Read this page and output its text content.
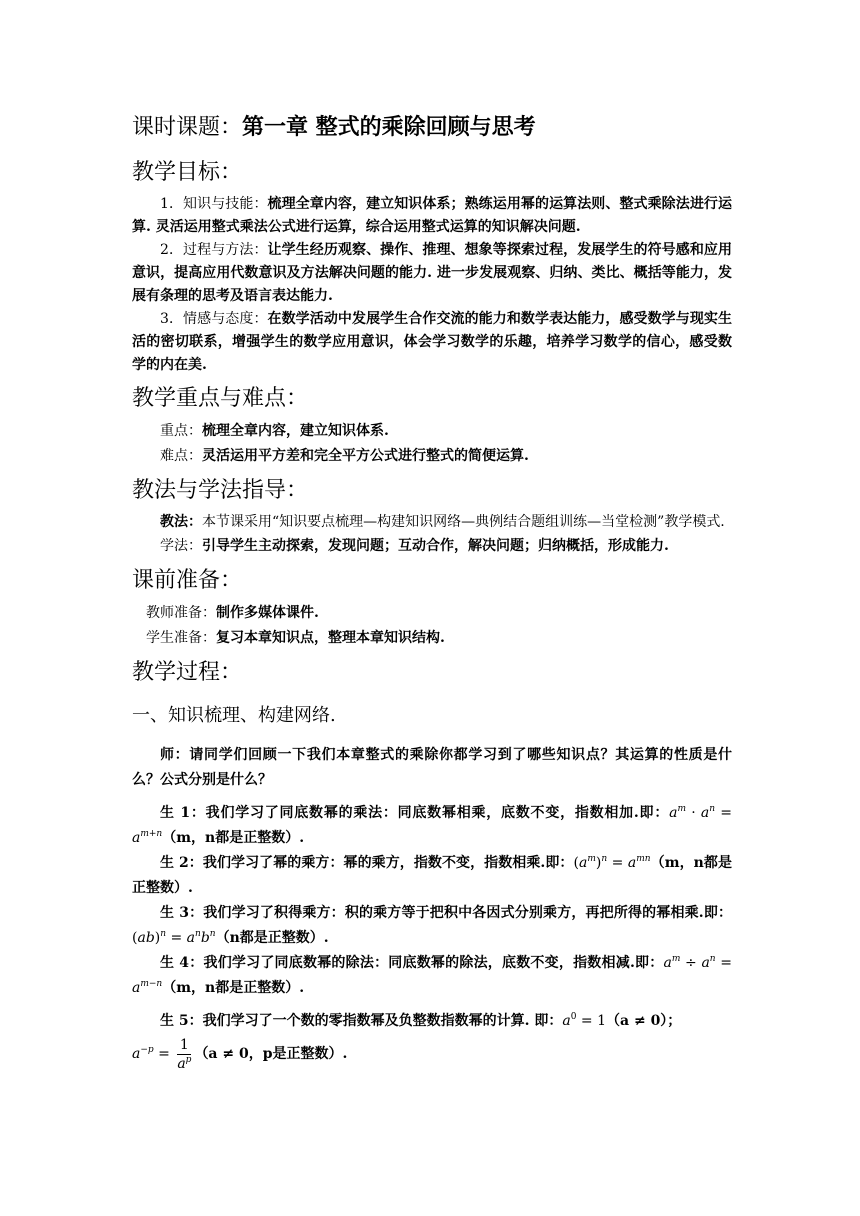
课时课题：第一章 整式的乘除回顾与思考
教学目标：

1．知识与技能：梳理全章内容，建立知识体系；熟练运用幂的运算法则、整式乘除法进行运算. 灵活运用整式乘法公式进行运算，综合运用整式运算的知识解决问题.

2．过程与方法：让学生经历观察、操作、推理、想象等探索过程，发展学生的符号感和应用意识，提高应用代数意识及方法解决问题的能力. 进一步发展观察、归纳、类比、概括等能力，发展有条理的思考及语言表达能力.

3．情感与态度：在数学活动中发展学生合作交流的能力和数学表达能力，感受数学与现实生活的密切联系，增强学生的数学应用意识，体会学习数学的乐趣，培养学习数学的信心，感受数学的内在美.

教学重点与难点：

重点：梳理全章内容，建立知识体系.

难点：灵活运用平方差和完全平方公式进行整式的简便运算.

教法与学法指导：

教法：本节课采用“知识要点梳理—构建知识网络—典例结合题组训练—当堂检测”教学模式.

学法：引导学生主动探索，发现问题；互动合作，解决问题；归纳概括，形成能力.

课前准备：

教师准备：制作多媒体课件.

学生准备：复习本章知识点，整理本章知识结构.

教学过程：
一、知识梳理、构建网络.

师：请同学们回顾一下我们本章整式的乘除你都学习到了哪些知识点？其运算的性质是什么？公式分别是什么？

生 1：我们学习了同底数幂的乘法：同底数幂相乘，底数不变，指数相加.即：$a^m \cdot a^n = a^{m+n}(m$，n都是正整数）.

生 2：我们学习了幂的乘方：幂的乘方，指数不变，指数相乘.即：$(a^m)^n = a^{mn}(m$，n都是正整数）.

生 3：我们学习了积得乘方：积的乘方等于把积中各因式分别乘方，再把所得的幂相乘.即：$(ab)^n = a^nb^n(n$都是正整数）.

生 4：我们学习了同底数幂的除法：同底数幂的除法，底数不变，指数相减.即：$a^m \div a^n = a^{m-n}(m$，n都是正整数）.

生 5：我们学习了一个数的零指数幂及负整数指数幂的计算. 即：$a^0 = 1(a \ne 0)$；

$a^{-p} = \frac{1}{a^p} (a \ne 0$，p是正整数）.
